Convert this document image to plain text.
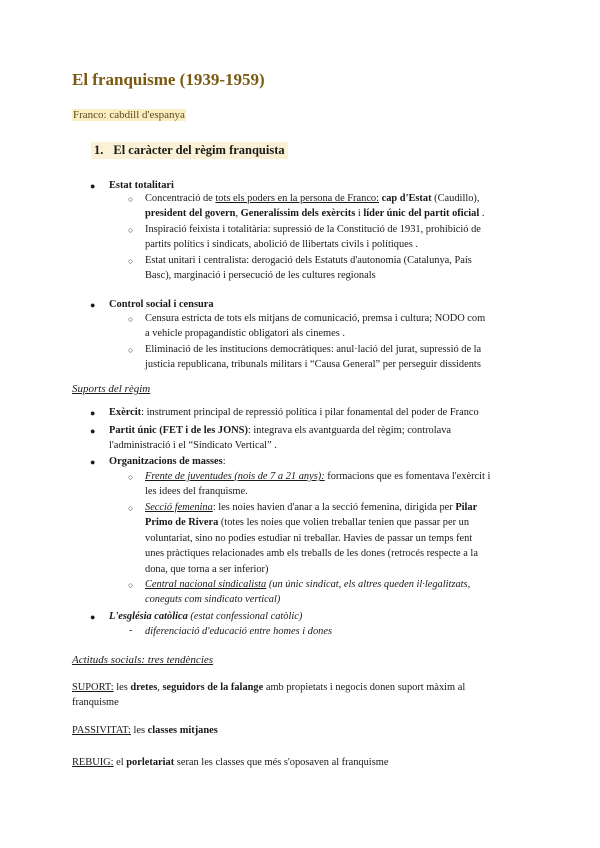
El franquisme (1939-1959)
Franco: cabdill d'espanya
1. El caràcter del règim franquista
● Estat totalitari
○ Concentració de tots els poders en la persona de Franco: cap d'Estat (Caudillo),
president del govern, Generalíssim dels exèrcits i líder únic del partit oficial .
○ Inspiració feixista i totalitària: supressió de la Constitució de 1931, prohibició de
partits polítics i sindicats, abolició de llibertats civils i polítiques .
○ Estat unitari i centralista: derogació dels Estatuts d'autonomia (Catalunya, País
Basc), marginació i persecució de les cultures regionals
● Control social i censura
○ Censura estricta de tots els mitjans de comunicació, premsa i cultura; NODO com
a vehicle propagandístic obligatori als cinemes .
○ Eliminació de les institucions democràtiques: anul·lació del jurat, supressió de la
justícia republicana, tribunals militars i “Causa General” per perseguir dissidents
Suports del règim
● Exèrcit: instrument principal de repressió política i pilar fonamental del poder de Franco
● Partit únic (FET i de les JONS): integrava els avantguarda del règim; controlava
l'administració i el “Sindicato Vertical” .
● Organitzacions de masses:
○ Frente de juventudes (nois de 7 a 21 anys): formacions que es fomentava l'exèrcit i
les idees del franquisme.
○ Secció femenina: les noies havien d'anar a la secció femenina, dirigida per Pilar
Primo de Rivera (totes les noies que volien treballar tenien que passar per un
voluntariat, sino no podies estudiar ni treballar. Havies de passar un temps fent
unes pràctiques relacionades amb els treballs de les dones (retrocés respecte a la
dona, que torna a ser inferior)
○ Central nacional sindicalista (un únic sindicat, els altres queden il·legalitzats,
coneguts com sindicato vertical)
● L'església catòlica (estat confessional catòlic)
- diferenciació d'educació entre homes i dones
Actituds socials: tres tendències
SUPORT: les dretes, seguidors de la falange amb propietats i negocis donen suport màxim al
franquisme
PASSIVITAT: les classes mitjanes
REBUIG: el porletariat seran les classes que més s'oposaven al franquisme
